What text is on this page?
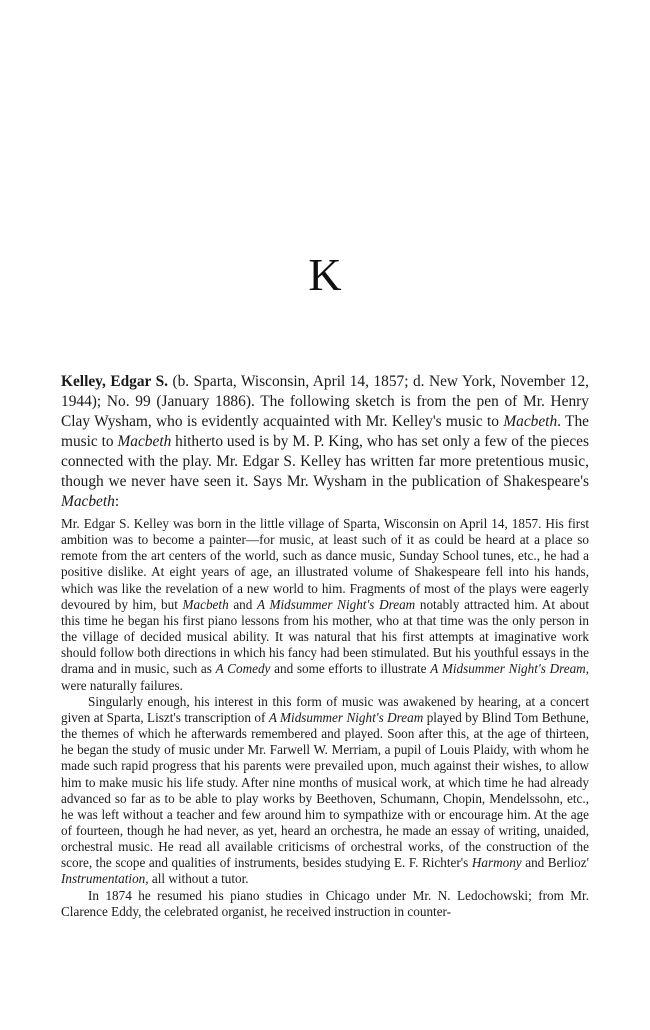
K

Kelley, Edgar S. (b. Sparta, Wisconsin, April 14, 1857; d. New York, November 12, 1944); No. 99 (January 1886). The following sketch is from the pen of Mr. Henry Clay Wysham, who is evidently acquainted with Mr. Kelley's music to Macbeth. The music to Macbeth hitherto used is by M. P. King, who has set only a few of the pieces connected with the play. Mr. Edgar S. Kelley has written far more pretentious music, though we never have seen it. Says Mr. Wysham in the publication of Shakespeare's Macbeth:

Mr. Edgar S. Kelley was born in the little village of Sparta, Wisconsin on April 14, 1857. His first ambition was to become a painter—for music, at least such of it as could be heard at a place so remote from the art centers of the world, such as dance music, Sunday School tunes, etc., he had a positive dislike. At eight years of age, an illustrated volume of Shakespeare fell into his hands, which was like the revelation of a new world to him. Fragments of most of the plays were eagerly devoured by him, but Macbeth and A Midsummer Night's Dream notably attracted him. At about this time he began his first piano lessons from his mother, who at that time was the only person in the village of decided musical ability. It was natural that his first attempts at imaginative work should follow both directions in which his fancy had been stimulated. But his youthful essays in the drama and in music, such as A Comedy and some efforts to illustrate A Midsummer Night's Dream, were naturally failures.

Singularly enough, his interest in this form of music was awakened by hearing, at a concert given at Sparta, Liszt's transcription of A Midsummer Night's Dream played by Blind Tom Bethune, the themes of which he afterwards remembered and played. Soon after this, at the age of thirteen, he began the study of music under Mr. Farwell W. Merriam, a pupil of Louis Plaidy, with whom he made such rapid progress that his parents were prevailed upon, much against their wishes, to allow him to make music his life study. After nine months of musical work, at which time he had already advanced so far as to be able to play works by Beethoven, Schumann, Chopin, Mendelssohn, etc., he was left without a teacher and few around him to sympathize with or encourage him. At the age of fourteen, though he had never, as yet, heard an orchestra, he made an essay of writing, unaided, orchestral music. He read all available criticisms of orchestral works, of the construction of the score, the scope and qualities of instruments, besides studying E. F. Richter's Harmony and Berlioz' Instrumentation, all without a tutor.

In 1874 he resumed his piano studies in Chicago under Mr. N. Ledochowski; from Mr. Clarence Eddy, the celebrated organist, he received instruction in counter-
